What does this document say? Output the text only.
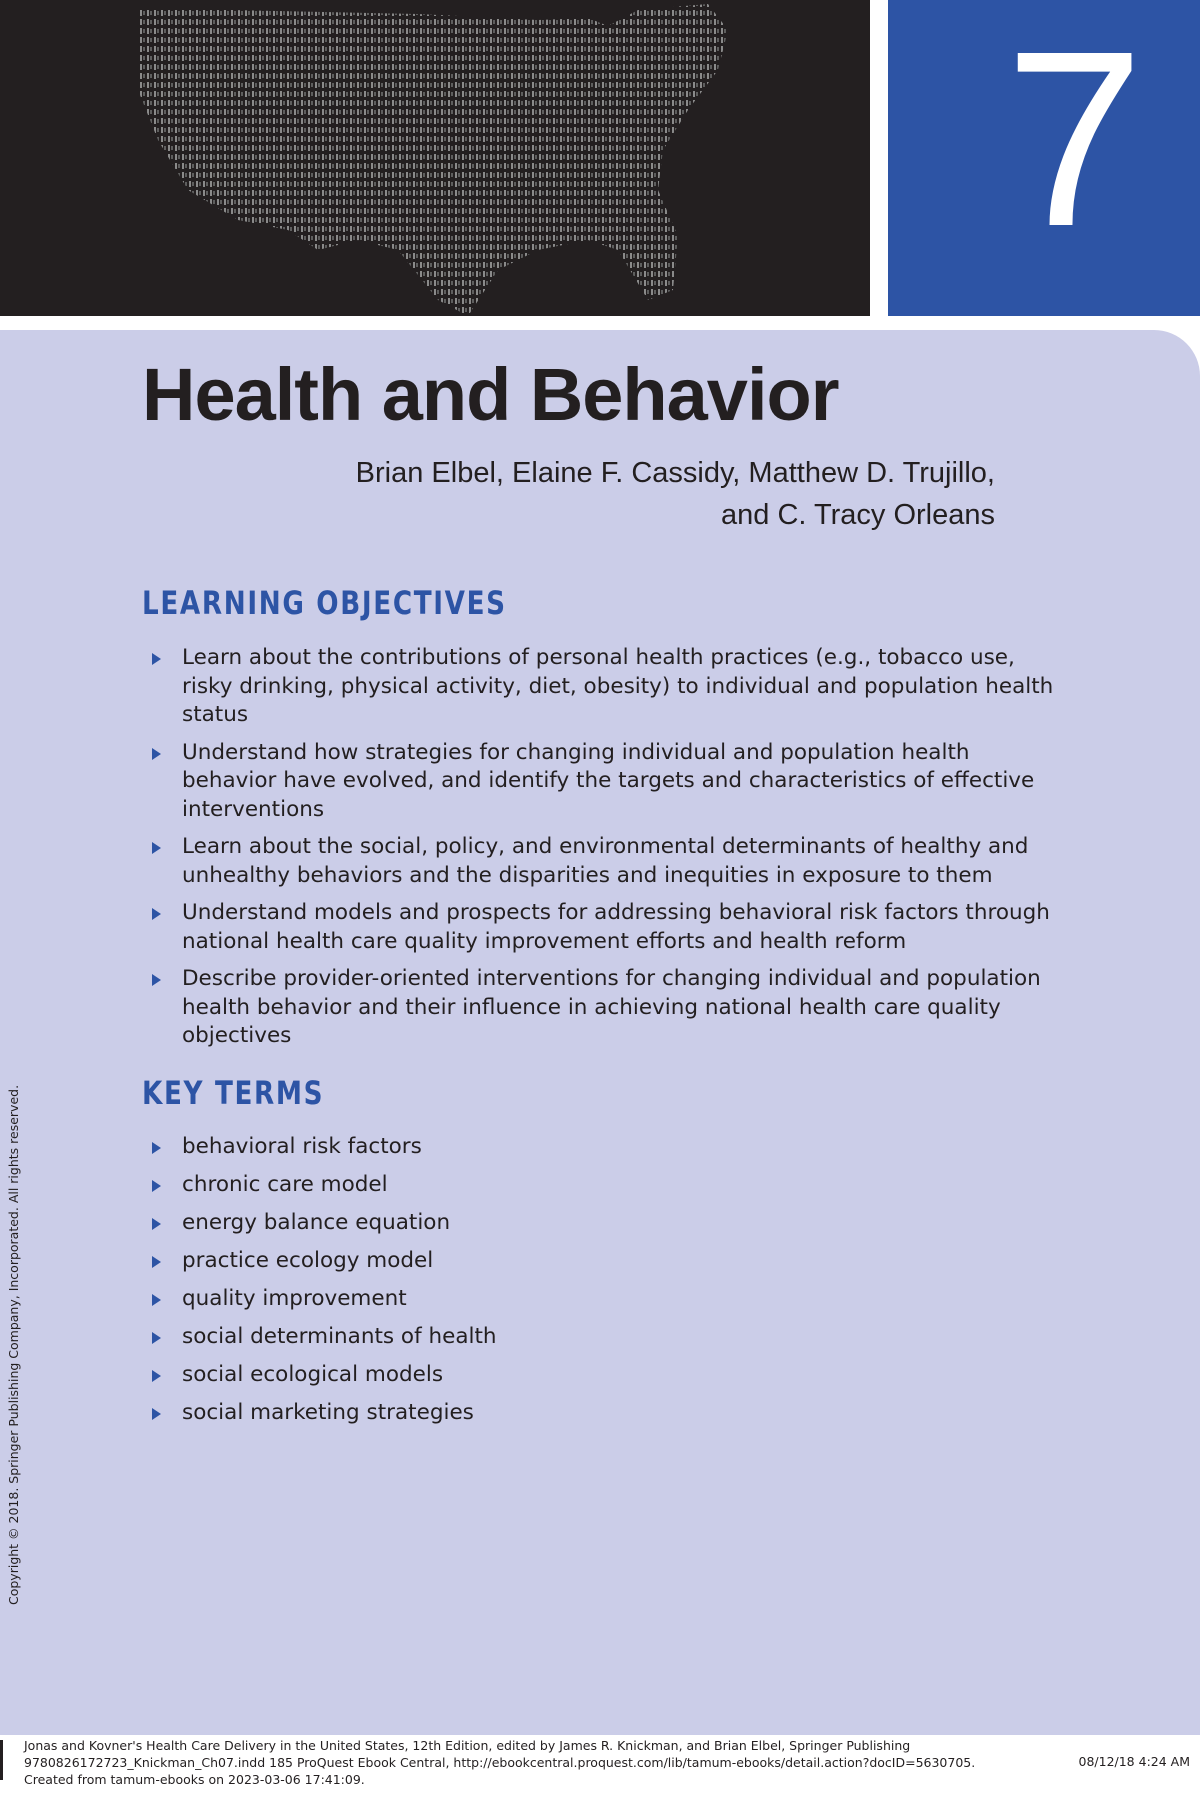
7
Health and Behavior
Brian Elbel, Elaine F. Cassidy, Matthew D. Trujillo,
and C. Tracy Orleans
LEARNING OBJECTIVES
Learn about the contributions of personal health practices (e.g., tobacco use, risky drinking, physical activity, diet, obesity) to individual and population health status
Understand how strategies for changing individual and population health behavior have evolved, and identify the targets and characteristics of effective interventions
Learn about the social, policy, and environmental determinants of healthy and unhealthy behaviors and the disparities and inequities in exposure to them
Understand models and prospects for addressing behavioral risk factors through national health care quality improvement efforts and health reform
Describe provider-oriented interventions for changing individual and population health behavior and their influence in achieving national health care quality objectives
KEY TERMS
behavioral risk factors
chronic care model
energy balance equation
practice ecology model
quality improvement
social determinants of health
social ecological models
social marketing strategies
Copyright © 2018. Springer Publishing Company, Incorporated. All rights reserved.
Jonas and Kovner's Health Care Delivery in the United States, 12th Edition, edited by James R. Knickman, and Brian Elbel, Springer Publishing
9780826172723_Knickman_Ch07.indd 185 ProQuest Ebook Central, http://ebookcentral.proquest.com/lib/tamum-ebooks/detail.action?docID=5630705.
Created from tamum-ebooks on 2023-03-06 17:41:09.
08/12/18 4:24 AM
